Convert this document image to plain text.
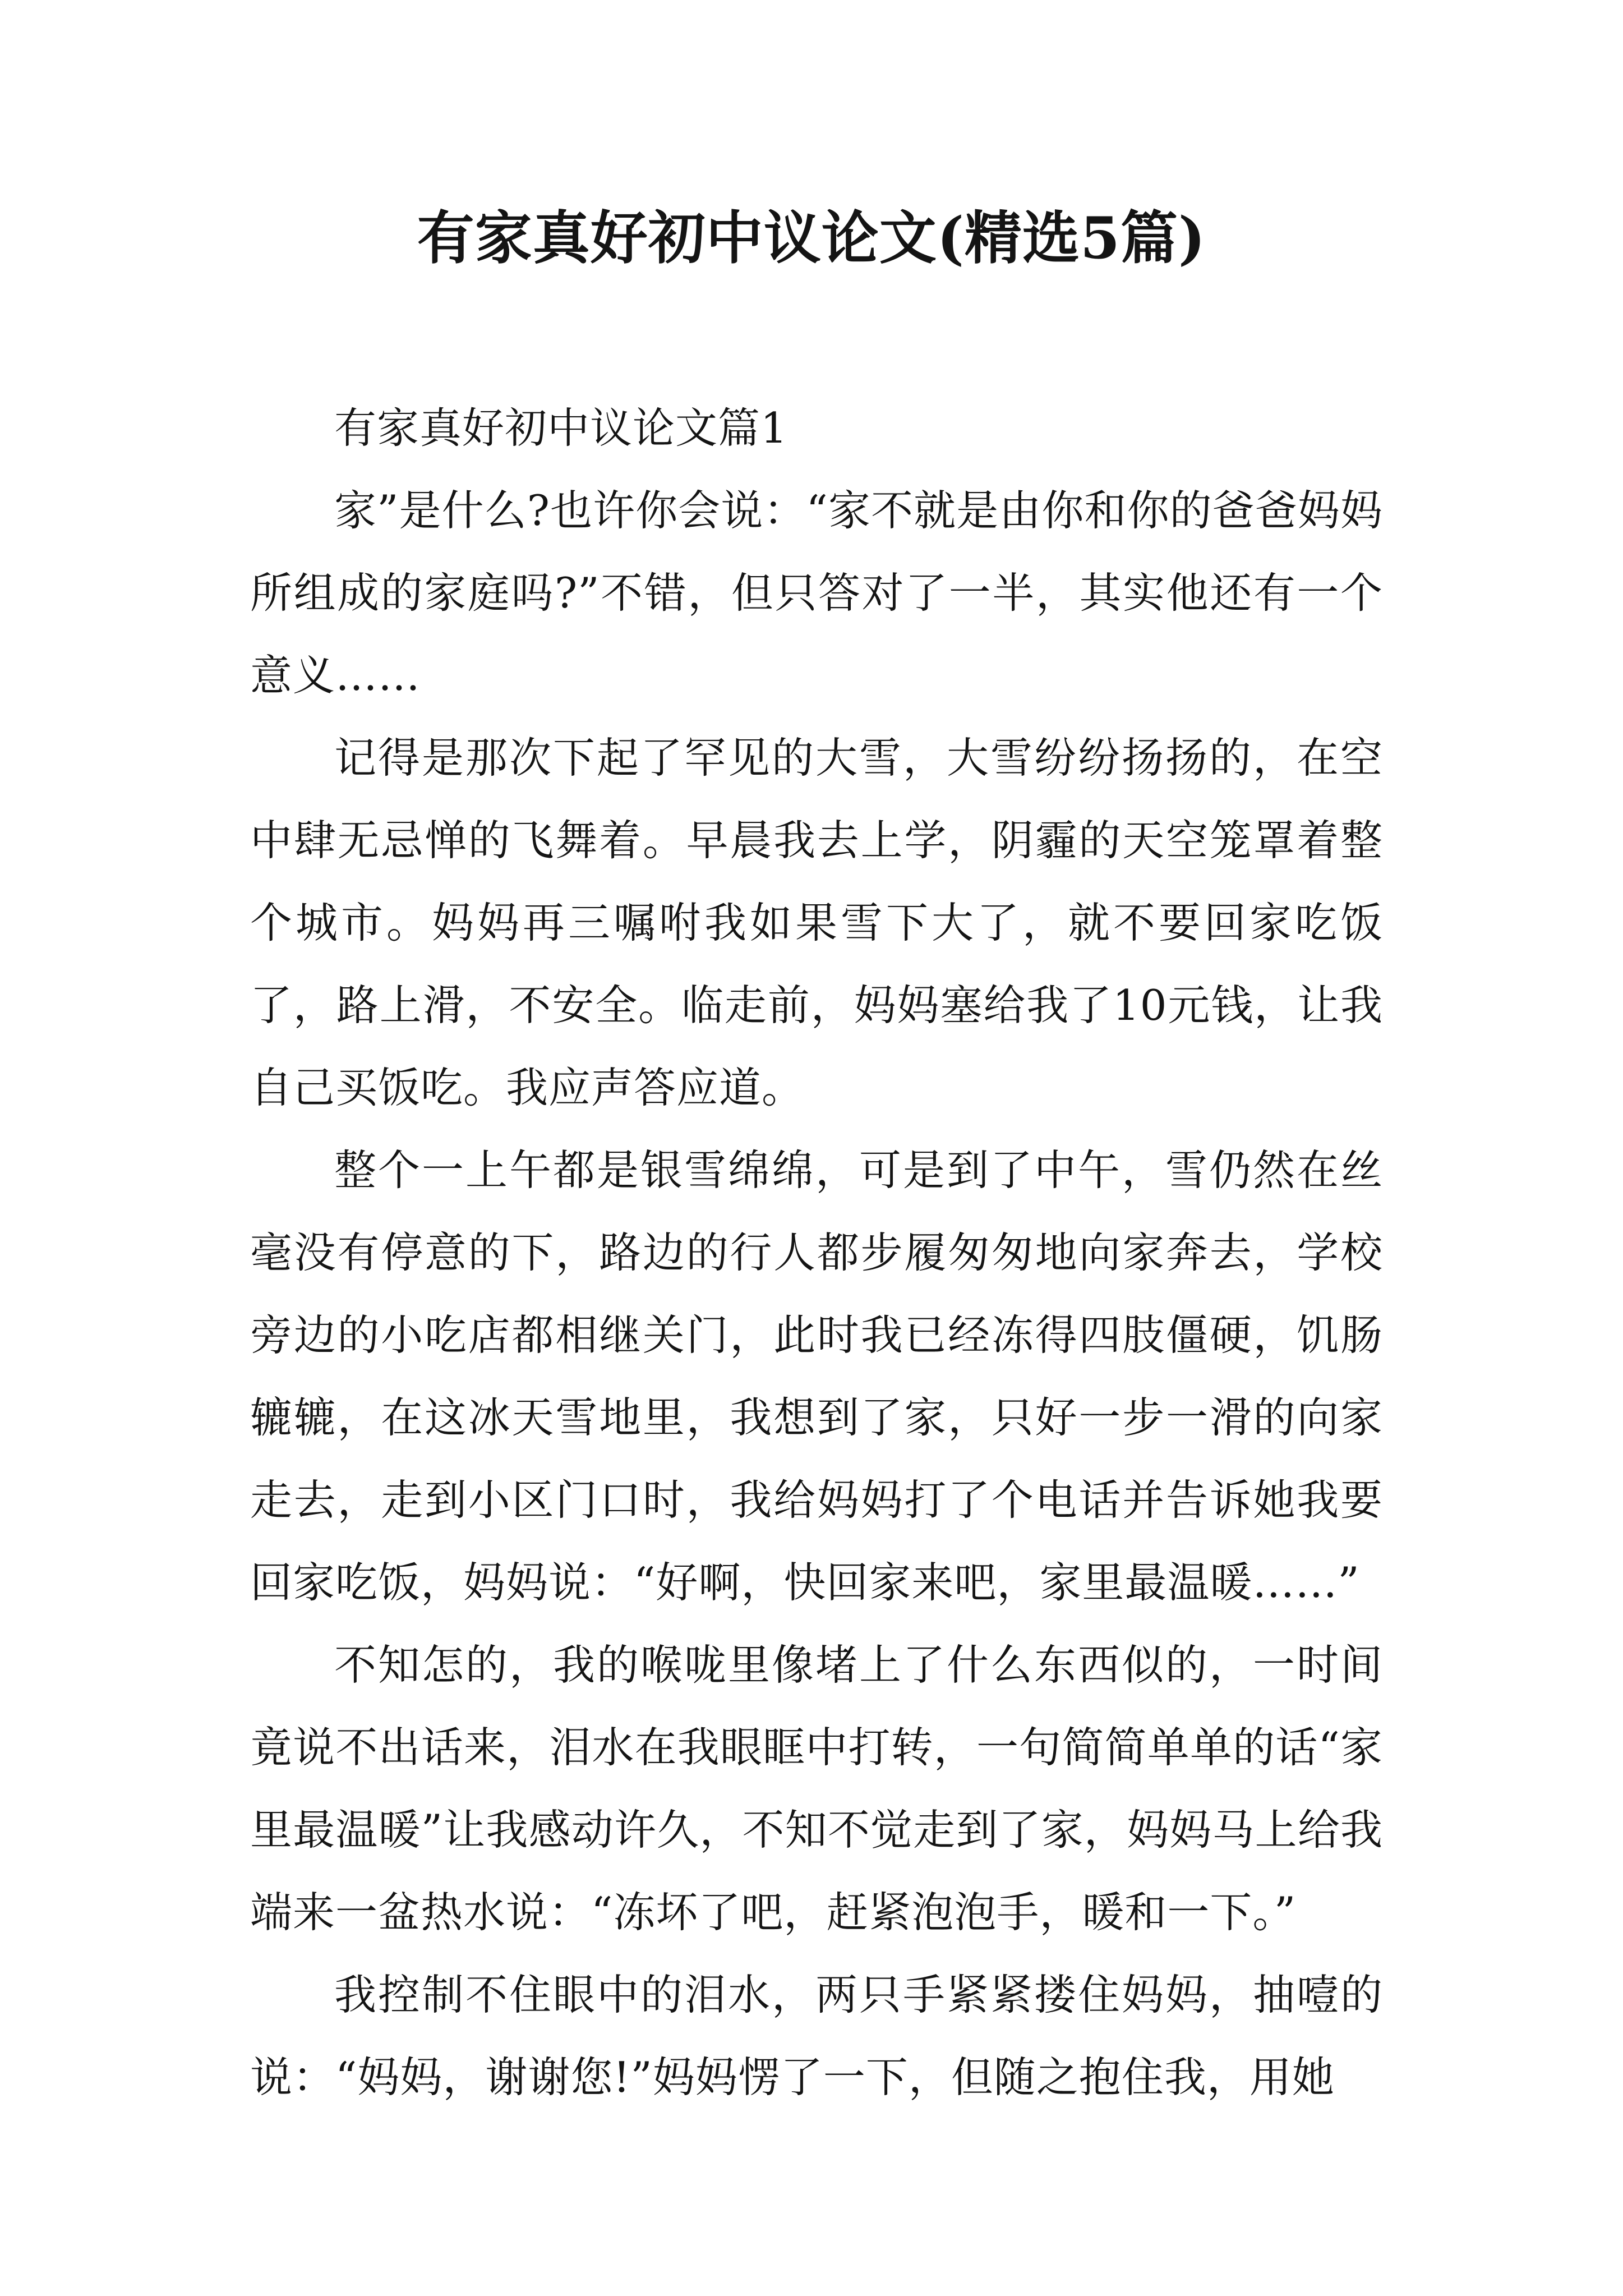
有家真好初中议论文(精选5篇)

有家真好初中议论文篇1

家”是什么?也许你会说：“家不就是由你和你的爸爸妈妈所组成的家庭吗?”不错，但只答对了一半，其实他还有一个意义……

记得是那次下起了罕见的大雪，大雪纷纷扬扬的，在空中肆无忌惮的飞舞着。早晨我去上学，阴霾的天空笼罩着整个城市。妈妈再三嘱咐我如果雪下大了，就不要回家吃饭了，路上滑，不安全。临走前，妈妈塞给我了10元钱，让我自己买饭吃。我应声答应道。

整个一上午都是银雪绵绵，可是到了中午，雪仍然在丝毫没有停意的下，路边的行人都步履匆匆地向家奔去，学校旁边的小吃店都相继关门，此时我已经冻得四肢僵硬，饥肠辘辘，在这冰天雪地里，我想到了家，只好一步一滑的向家走去，走到小区门口时，我给妈妈打了个电话并告诉她我要回家吃饭，妈妈说：“好啊，快回家来吧，家里最温暖……”

不知怎的，我的喉咙里像堵上了什么东西似的，一时间竟说不出话来，泪水在我眼眶中打转，一句简简单单的话“家里最温暖”让我感动许久，不知不觉走到了家，妈妈马上给我端来一盆热水说：“冻坏了吧，赶紧泡泡手，暖和一下。”

我控制不住眼中的泪水，两只手紧紧搂住妈妈，抽噎的说：“妈妈，谢谢您!”妈妈愣了一下，但随之抱住我，用她
